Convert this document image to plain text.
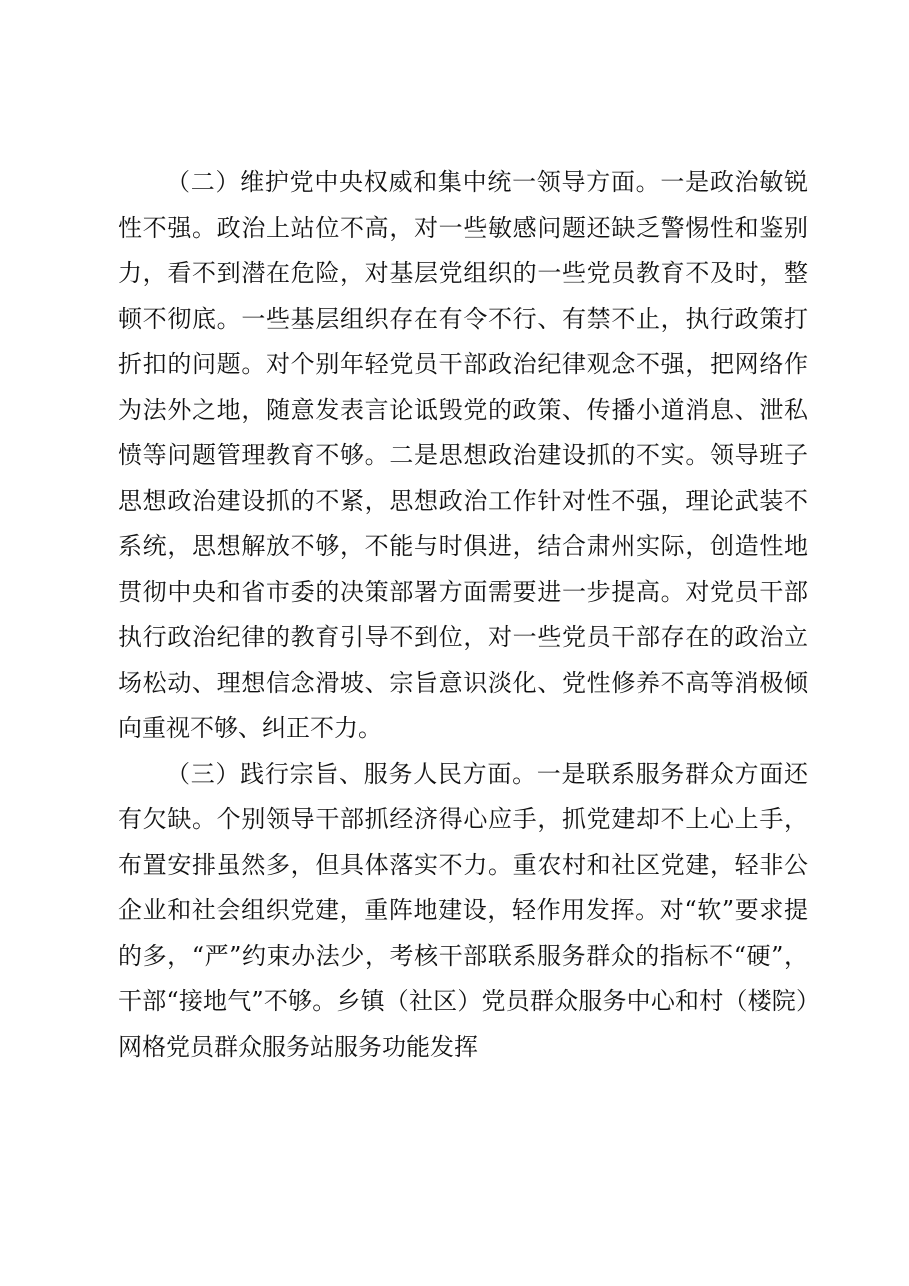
（二）维护党中央权威和集中统一领导方面。一是政治敏锐性不强。政治上站位不高，对一些敏感问题还缺乏警惕性和鉴别力，看不到潜在危险，对基层党组织的一些党员教育不及时，整顿不彻底。一些基层组织存在有令不行、有禁不止，执行政策打折扣的问题。对个别年轻党员干部政治纪律观念不强，把网络作为法外之地，随意发表言论诋毁党的政策、传播小道消息、泄私愤等问题管理教育不够。二是思想政治建设抓的不实。领导班子思想政治建设抓的不紧，思想政治工作针对性不强，理论武装不系统，思想解放不够，不能与时俱进，结合肃州实际，创造性地贯彻中央和省市委的决策部署方面需要进一步提高。对党员干部执行政治纪律的教育引导不到位，对一些党员干部存在的政治立场松动、理想信念滑坡、宗旨意识淡化、党性修养不高等消极倾向重视不够、纠正不力。

（三）践行宗旨、服务人民方面。一是联系服务群众方面还有欠缺。个别领导干部抓经济得心应手，抓党建却不上心上手，布置安排虽然多，但具体落实不力。重农村和社区党建，轻非公企业和社会组织党建，重阵地建设，轻作用发挥。对“软”要求提的多，“严”约束办法少，考核干部联系服务群众的指标不“硬”，干部“接地气”不够。乡镇（社区）党员群众服务中心和村（楼院）网格党员群众服务站服务功能发挥
